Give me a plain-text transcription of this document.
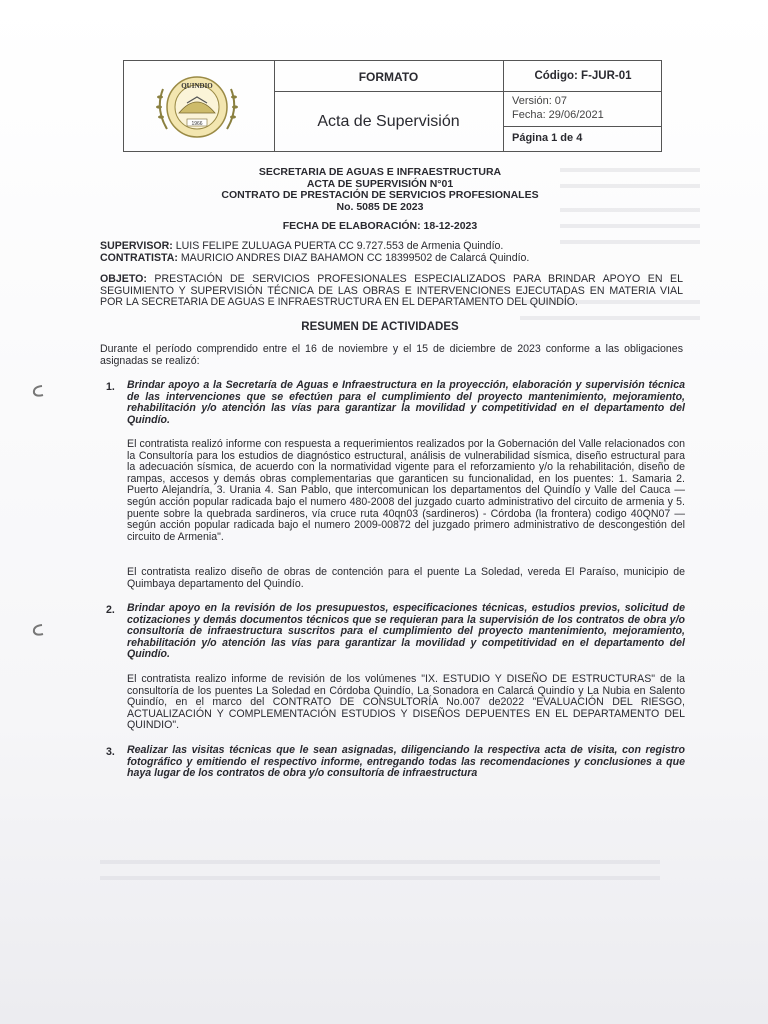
QUINDIO
1966
FORMATO
Acta de Supervisión
Código: F-JUR-01
Versión: 07
Fecha: 29/06/2021
Página 1 de 4
SECRETARIA DE AGUAS E INFRAESTRUCTURA
ACTA DE SUPERVISIÓN N°01
CONTRATO DE PRESTACIÓN DE SERVICIOS PROFESIONALES
No. 5085 DE 2023
FECHA DE ELABORACIÓN: 18-12-2023
SUPERVISOR: LUIS FELIPE ZULUAGA PUERTA CC 9.727.553 de Armenia Quindío.
CONTRATISTA: MAURICIO ANDRES DIAZ BAHAMON CC 18399502 de Calarcá Quindío.
OBJETO: PRESTACIÓN DE SERVICIOS PROFESIONALES ESPECIALIZADOS PARA BRINDAR APOYO EN EL SEGUIMIENTO Y SUPERVISIÓN TÉCNICA DE LAS OBRAS E INTERVENCIONES EJECUTADAS EN MATERIA VIAL POR LA SECRETARIA DE AGUAS E INFRAESTRUCTURA EN EL DEPARTAMENTO DEL QUINDÍO.
RESUMEN DE ACTIVIDADES
Durante el período comprendido entre el 16 de noviembre y el 15 de diciembre de 2023 conforme a las obligaciones asignadas se realizó:
1. Brindar apoyo a la Secretaría de Aguas e Infraestructura en la proyección, elaboración y supervisión técnica de las intervenciones que se efectúen para el cumplimiento del proyecto mantenimiento, mejoramiento, rehabilitación y/o atención las vías para garantizar la movilidad y competitividad en el departamento del Quindío.
El contratista realizó informe con respuesta a requerimientos realizados por la Gobernación del Valle relacionados con la Consultoría para los estudios de diagnóstico estructural, análisis de vulnerabilidad sísmica, diseño estructural para la adecuación sísmica, de acuerdo con la normatividad vigente para el reforzamiento y/o la rehabilitación, diseño de rampas, accesos y demás obras complementarias que garanticen su funcionalidad, en los puentes: 1. Samaria 2. Puerto Alejandría, 3. Urania 4. San Pablo, que intercomunican los departamentos del Quindío y Valle del Cauca — según acción popular radicada bajo el numero 480-2008 del juzgado cuarto administrativo del circuito de armenia y 5. puente sobre la quebrada sardineros, vía cruce ruta 40qn03 (sardineros) - Córdoba (la frontera) codigo 40QN07 — según acción popular radicada bajo el numero 2009-00872 del juzgado primero administrativo de descongestión del circuito de Armenia".
El contratista realizo diseño de obras de contención para el puente La Soledad, vereda El Paraíso, municipio de Quimbaya departamento del Quindío.
2. Brindar apoyo en la revisión de los presupuestos, especificaciones técnicas, estudios previos, solicitud de cotizaciones y demás documentos técnicos que se requieran para la supervisión de los contratos de obra y/o consultoría de infraestructura suscritos para el cumplimiento del proyecto mantenimiento, mejoramiento, rehabilitación y/o atención las vías para garantizar la movilidad y competitividad en el departamento del Quindío.
El contratista realizo informe de revisión de los volúmenes "IX. ESTUDIO Y DISEÑO DE ESTRUCTURAS" de la consultoría de los puentes La Soledad en Córdoba Quindío, La Sonadora en Calarcá Quindío y La Nubia en Salento Quindío, en el marco del CONTRATO DE CONSULTORÍA No.007 de2022 "EVALUACIÓN DEL RIESGO, ACTUALIZACIÓN Y COMPLEMENTACIÓN ESTUDIOS Y DISEÑOS DEPUENTES EN EL DEPARTAMENTO DEL QUINDIO".
3. Realizar las visitas técnicas que le sean asignadas, diligenciando la respectiva acta de visita, con registro fotográfico y emitiendo el respectivo informe, entregando todas las recomendaciones y conclusiones a que haya lugar de los contratos de obra y/o consultoría de infraestructura
